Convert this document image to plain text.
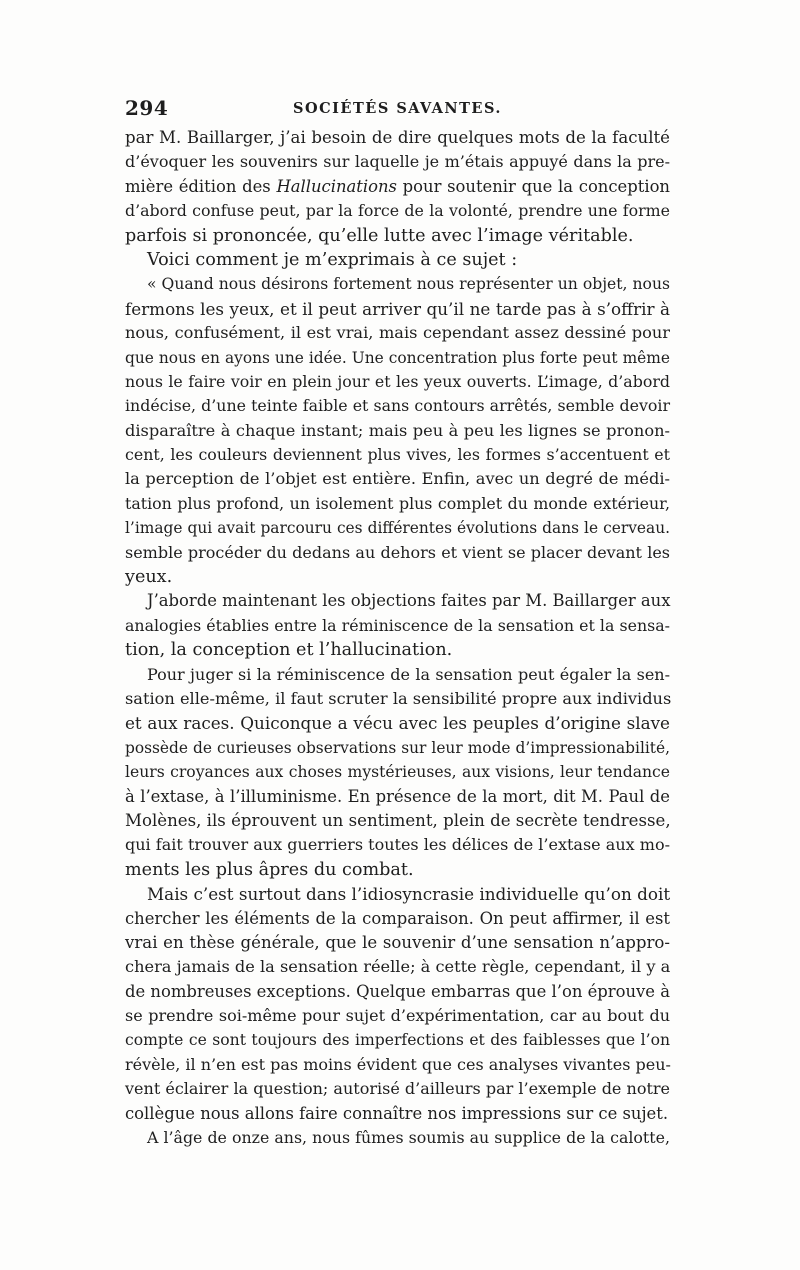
294	SOCIÉTÉS SAVANTES.
par M. Baillarger, j’ai besoin de dire quelques mots de la faculté
d’évoquer les souvenirs sur laquelle je m’étais appuyé dans la pre-
mière édition des Hallucinations pour soutenir que la conception
d’abord confuse peut, par la force de la volonté, prendre une forme
parfois si prononcée, qu’elle lutte avec l’image véritable.
Voici comment je m’exprimais à ce sujet :
« Quand nous désirons fortement nous représenter un objet, nous
fermons les yeux, et il peut arriver qu’il ne tarde pas à s’offrir à
nous, confusément, il est vrai, mais cependant assez dessiné pour
que nous en ayons une idée. Une concentration plus forte peut même
nous le faire voir en plein jour et les yeux ouverts. L’image, d’abord
indécise, d’une teinte faible et sans contours arrêtés, semble devoir
disparaître à chaque instant; mais peu à peu les lignes se pronon-
cent, les couleurs deviennent plus vives, les formes s’accentuent et
la perception de l’objet est entière. Enfin, avec un degré de médi-
tation plus profond, un isolement plus complet du monde extérieur,
l’image qui avait parcouru ces différentes évolutions dans le cerveau.
semble procéder du dedans au dehors et vient se placer devant les
yeux.
J’aborde maintenant les objections faites par M. Baillarger aux
analogies établies entre la réminiscence de la sensation et la sensa-
tion, la conception et l’hallucination.
Pour juger si la réminiscence de la sensation peut égaler la sen-
sation elle-même, il faut scruter la sensibilité propre aux individus
et aux races. Quiconque a vécu avec les peuples d’origine slave
possède de curieuses observations sur leur mode d’impressionabilité,
leurs croyances aux choses mystérieuses, aux visions, leur tendance
à l’extase, à l’illuminisme. En présence de la mort, dit M. Paul de
Molènes, ils éprouvent un sentiment, plein de secrète tendresse,
qui fait trouver aux guerriers toutes les délices de l’extase aux mo-
ments les plus âpres du combat.
Mais c’est surtout dans l’idiosyncrasie individuelle qu’on doit
chercher les éléments de la comparaison. On peut affirmer, il est
vrai en thèse générale, que le souvenir d’une sensation n’appro-
chera jamais de la sensation réelle; à cette règle, cependant, il y a
de nombreuses exceptions. Quelque embarras que l’on éprouve à
se prendre soi-même pour sujet d’expérimentation, car au bout du
compte ce sont toujours des imperfections et des faiblesses que l’on
révèle, il n’en est pas moins évident que ces analyses vivantes peu-
vent éclairer la question; autorisé d’ailleurs par l’exemple de notre
collègue nous allons faire connaître nos impressions sur ce sujet.
A l’âge de onze ans, nous fûmes soumis au supplice de la calotte,
